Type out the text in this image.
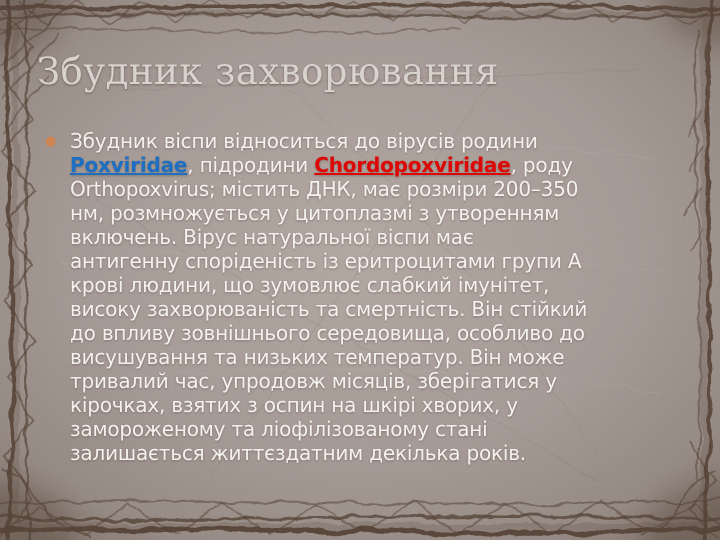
Збудник захворювання
● Збудник віспи відноситься до вірусів родини
Poxviridae, підродини Chordopoxviridae, роду
Orthopoxvirus; містить ДНК, має розміри 200–350
нм, розмножується у цитоплазмі з утворенням
включень. Вірус натуральної віспи має
антигенну споріденість із еритроцитами групи А
крові людини, що зумовлює слабкий імунітет,
високу захворюваність та смертність. Він стійкий
до впливу зовнішнього середовища, особливо до
висушування та низьких температур. Він може
тривалий час, упродовж місяців, зберігатися у
кірочках, взятих з оспин на шкірі хворих, у
замороженому та ліофілізованому стані
залишається життєздатним декілька років.
